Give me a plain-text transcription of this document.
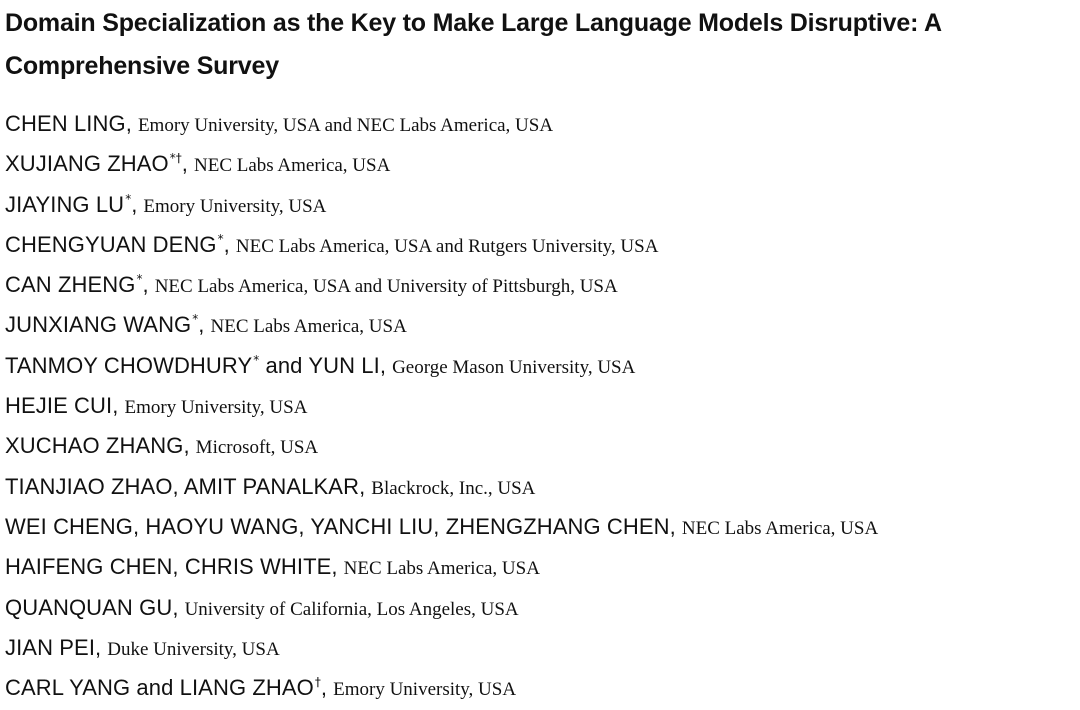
Domain Specialization as the Key to Make Large Language Models Disruptive: A Comprehensive Survey
CHEN LING, Emory University, USA and NEC Labs America, USA
XUJIANG ZHAO*†, NEC Labs America, USA
JIAYING LU*, Emory University, USA
CHENGYUAN DENG*, NEC Labs America, USA and Rutgers University, USA
CAN ZHENG*, NEC Labs America, USA and University of Pittsburgh, USA
JUNXIANG WANG*, NEC Labs America, USA
TANMOY CHOWDHURY* and YUN LI, George Mason University, USA
HEJIE CUI, Emory University, USA
XUCHAO ZHANG, Microsoft, USA
TIANJIAO ZHAO, AMIT PANALKAR, Blackrock, Inc., USA
WEI CHENG, HAOYU WANG, YANCHI LIU, ZHENGZHANG CHEN, NEC Labs America, USA
HAIFENG CHEN, CHRIS WHITE, NEC Labs America, USA
QUANQUAN GU, University of California, Los Angeles, USA
JIAN PEI, Duke University, USA
CARL YANG and LIANG ZHAO†, Emory University, USA
